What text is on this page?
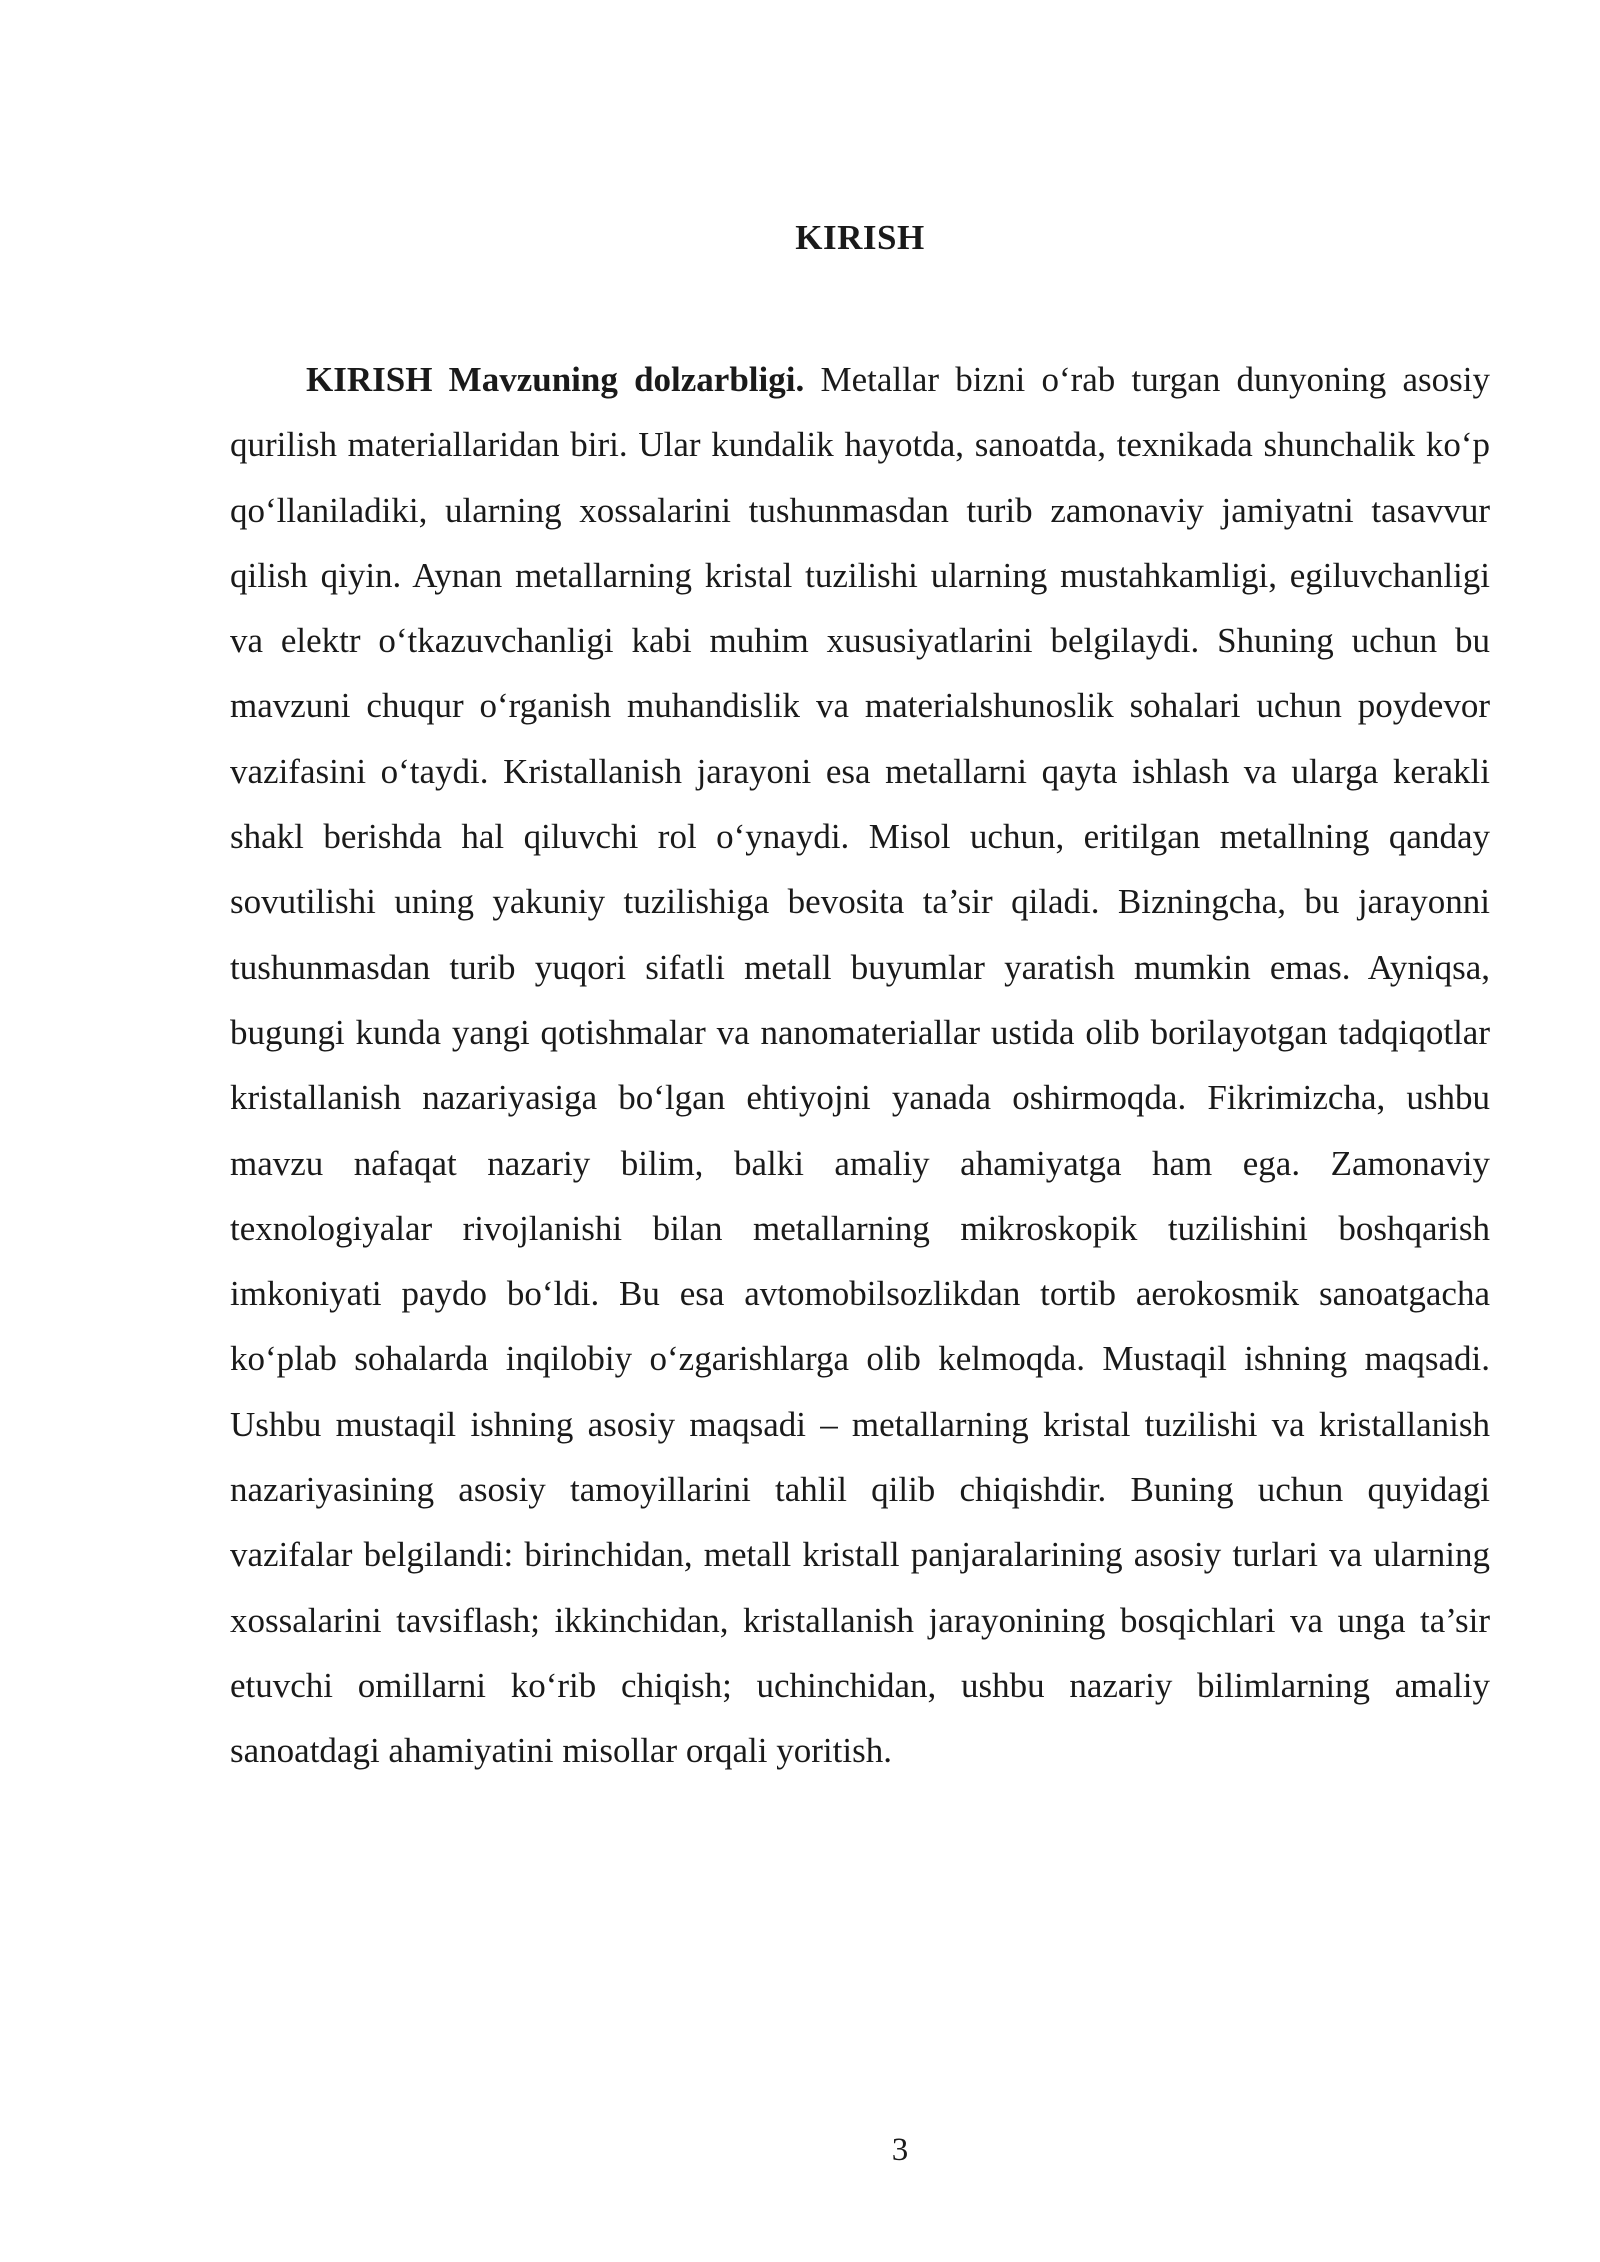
KIRISH

KIRISH Mavzuning dolzarbligi. Metallar bizni o‘rab turgan dunyoning asosiy qurilish materiallaridan biri. Ular kundalik hayotda, sanoatda, texnikada shunchalik ko‘p qo‘llaniladiki, ularning xossalarini tushunmasdan turib zamonaviy jamiyatni tasavvur qilish qiyin. Aynan metallarning kristal tuzilishi ularning mustahkamligi, egiluvchanligi va elektr o‘tkazuvchanligi kabi muhim xususiyatlarini belgilaydi. Shuning uchun bu mavzuni chuqur o‘rganish muhandislik va materialshunoslik sohalari uchun poydevor vazifasini o‘taydi. Kristallanish jarayoni esa metallarni qayta ishlash va ularga kerakli shakl berishda hal qiluvchi rol o‘ynaydi. Misol uchun, eritilgan metallning qanday sovutilishi uning yakuniy tuzilishiga bevosita ta’sir qiladi. Bizningcha, bu jarayonni tushunmasdan turib yuqori sifatli metall buyumlar yaratish mumkin emas. Ayniqsa, bugungi kunda yangi qotishmalar va nanomateriallar ustida olib borilayotgan tadqiqotlar kristallanish nazariyasiga bo‘lgan ehtiyojni yanada oshirmoqda. Fikrimizcha, ushbu mavzu nafaqat nazariy bilim, balki amaliy ahamiyatga ham ega. Zamonaviy texnologiyalar rivojlanishi bilan metallarning mikroskopik tuzilishini boshqarish imkoniyati paydo bo‘ldi. Bu esa avtomobilsozlikdan tortib aerokosmik sanoatgacha ko‘plab sohalarda inqilobiy o‘zgarishlarga olib kelmoqda. Mustaqil ishning maqsadi. Ushbu mustaqil ishning asosiy maqsadi – metallarning kristal tuzilishi va kristallanish nazariyasining asosiy tamoyillarini tahlil qilib chiqishdir. Buning uchun quyidagi vazifalar belgilandi: birinchidan, metall kristall panjaralarining asosiy turlari va ularning xossalarini tavsiflash; ikkinchidan, kristallanish jarayonining bosqichlari va unga ta’sir etuvchi omillarni ko‘rib chiqish; uchinchidan, ushbu nazariy bilimlarning amaliy sanoatdagi ahamiyatini misollar orqali yoritish.

3
